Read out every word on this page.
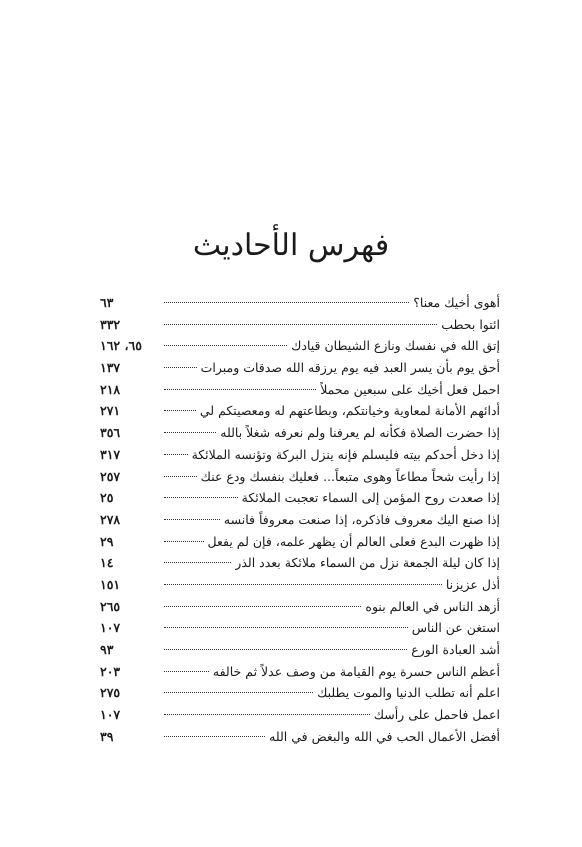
فهرس الأحاديث
أهوى أخيك معنا؟
٦٣
ائتوا بحطب
٣٣٢
إتق الله في نفسك ونازع الشيطان قيادك
٦٥، ١٦٢
أحق يوم بأن يسر العبد فيه يوم يرزقه الله صدقات ومبرات
١٣٧
احمل فعل أخيك على سبعين محملاً
٢١٨
أدائهم الأمانة لمعاوية وخيانتكم، وبطاعتهم له ومعصيتكم لي
٢٧١
إذا حضرت الصلاة فكأنه لم يعرفنا ولم نعرفه شغلاً بالله
٣٥٦
إذا دخل أحدكم بيته فليسلم فإنه ينزل البركة وتؤنسه الملائكة
٣١٧
إذا رأيت شحاً مطاعاً وهوى متبعاً... فعليك بنفسك ودع عنك
٢٥٧
إذا صعدت روح المؤمن إلى السماء تعجبت الملائكة
٢٥
إذا صنع اليك معروف فاذكره، إذا صنعت معروفاً فانسه
٢٧٨
إذا ظهرت البدع فعلى العالم أن يظهر علمه، فإن لم يفعل
٢٩
إذا كان ليلة الجمعة نزل من السماء ملائكة بعدد الذر
١٤
أذل عزيزنا
١٥١
أزهد الناس في العالم بنوه
٢٦٥
استغن عن الناس
١٠٧
أشد العبادة الورع
٩٣
أعظم الناس حسرة يوم القيامة من وصف عدلاً ثم خالفه
٢٠٣
اعلم أنه تطلب الدنيا والموت يطلبك
٢٧٥
اعمل فاحمل على رأسك
١٠٧
أفضل الأعمال الحب في الله والبغض في الله
٣٩
